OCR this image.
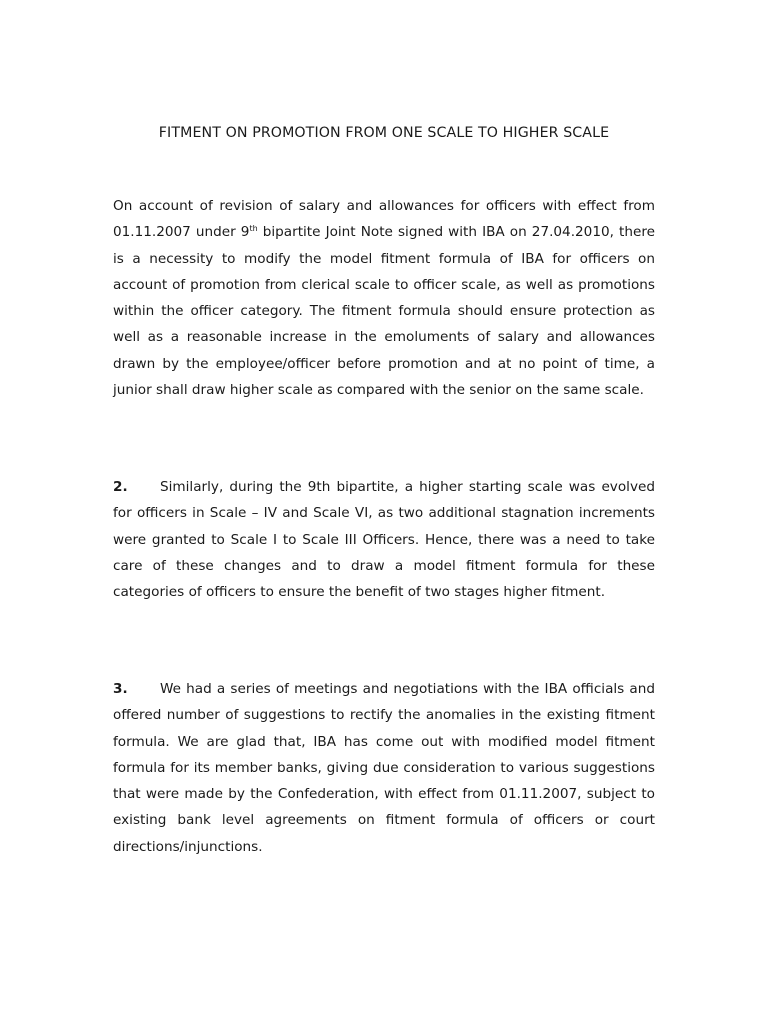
FITMENT ON PROMOTION FROM ONE SCALE TO HIGHER SCALE

On account of revision of salary and allowances for officers with effect from 01.11.2007 under 9th bipartite Joint Note signed with IBA on 27.04.2010, there is a necessity to modify the model fitment formula of IBA for officers on account of promotion from clerical scale to officer scale, as well as promotions within the officer category. The fitment formula should ensure protection as well as a reasonable increase in the emoluments of salary and allowances drawn by the employee/officer before promotion and at no point of time, a junior shall draw higher scale as compared with the senior on the same scale.

2. Similarly, during the 9th bipartite, a higher starting scale was evolved for officers in Scale – IV and Scale VI, as two additional stagnation increments were granted to Scale I to Scale III Officers. Hence, there was a need to take care of these changes and to draw a model fitment formula for these categories of officers to ensure the benefit of two stages higher fitment.

3. We had a series of meetings and negotiations with the IBA officials and offered number of suggestions to rectify the anomalies in the existing fitment formula. We are glad that, IBA has come out with modified model fitment formula for its member banks, giving due consideration to various suggestions that were made by the Confederation, with effect from 01.11.2007, subject to existing bank level agreements on fitment formula of officers or court directions/injunctions.
